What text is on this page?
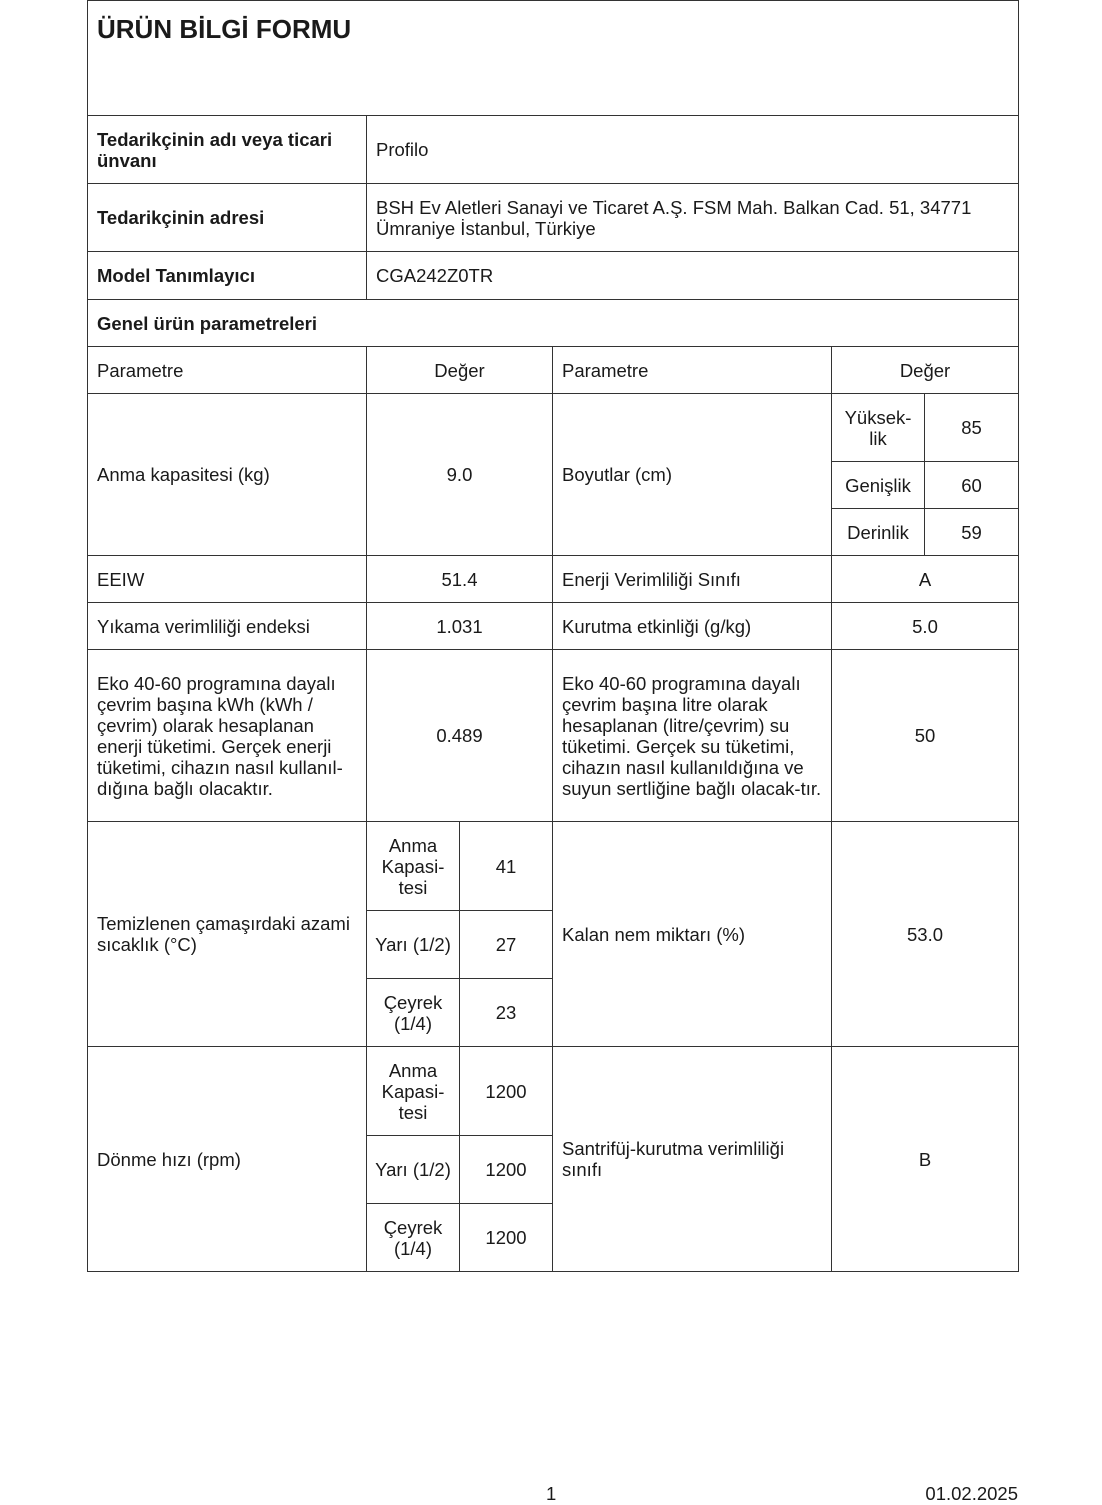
ÜRÜN BİLGİ FORMU					
Tedarikçinin adı veya ticari ünvanı	Profilo				
Tedarikçinin adresi	BSH Ev Aletleri Sanayi ve Ticaret A.Ş. FSM Mah. Balkan Cad. 51, 34771 Ümraniye İstanbul, Türkiye				
Model Tanımlayıcı	CGA242Z0TR				
Genel ürün parametreleri					
Parametre	Değer		Parametre	Değer	
Anma kapasitesi (kg)	9.0		Boyutlar (cm)	Yüksek-lik	85
				Genişlik	60
				Derinlik	59
EEIW	51.4		Enerji Verimliliği Sınıfı	A	
Yıkama verimliliği endeksi	1.031		Kurutma etkinliği (g/kg)	5.0	
Eko 40-60 programına dayalı çevrim başına kWh (kWh / çevrim) olarak hesaplanan enerji tüketimi. Gerçek enerji tüketimi, cihazın nasıl kullanıl-dığına bağlı olacaktır.	0.489		Eko 40-60 programına dayalı çevrim başına litre olarak hesaplanan (litre/çevrim) su tüketimi. Gerçek su tüketimi, cihazın nasıl kullanıldığına ve suyun sertliğine bağlı olacak-tır.	50	
Temizlenen çamaşırdaki azami sıcaklık (°C)	Anma Kapasi-tesi	41	Kalan nem miktarı (%)	53.0	
	Yarı (1/2)	27			
	Çeyrek (1/4)	23			
Dönme hızı (rpm)	Anma Kapasi-tesi	1200	Santrifüj-kurutma verimliliği sınıfı	B	
	Yarı (1/2)	1200			
	Çeyrek (1/4)	1200			
1	01.02.2025
